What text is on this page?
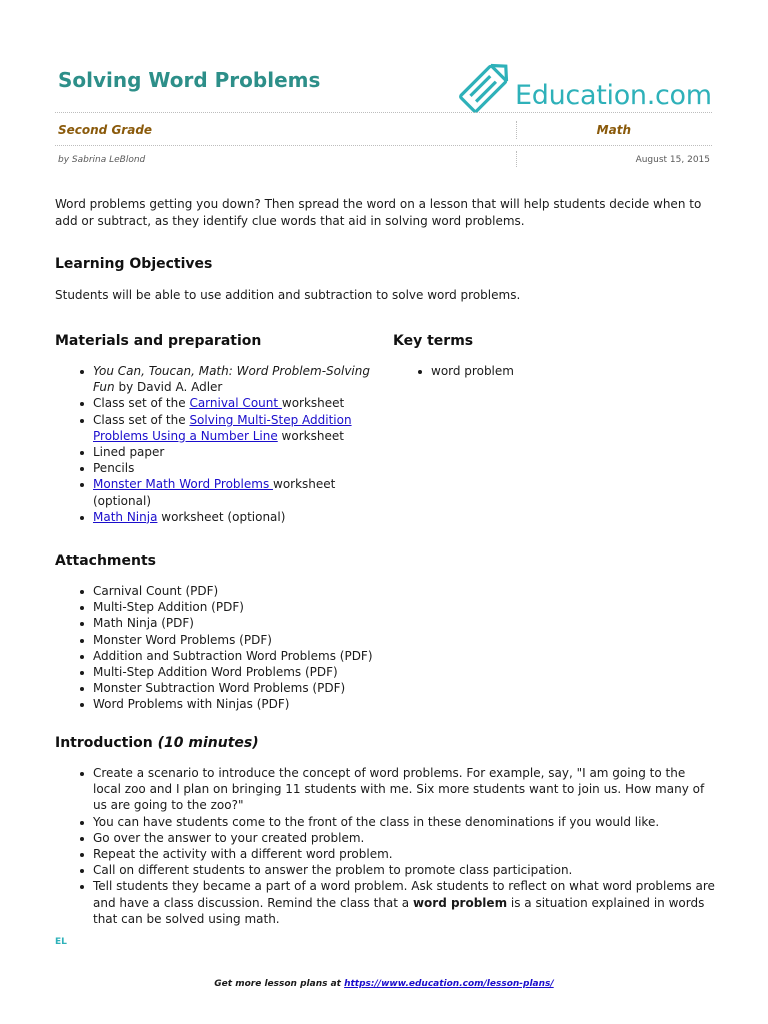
Solving Word Problems	Education.com
Second Grade	Math
by Sabrina LeBlond	August 15, 2015
Word problems getting you down? Then spread the word on a lesson that will help students decide when to add or subtract, as they identify clue words that aid in solving word problems.
Learning Objectives
Students will be able to use addition and subtraction to solve word problems.
Materials and preparation
You Can, Toucan, Math: Word Problem-Solving Fun by David A. Adler
Class set of the Carnival Count worksheet
Class set of the Solving Multi-Step Addition Problems Using a Number Line worksheet
Lined paper
Pencils
Monster Math Word Problems worksheet (optional)
Math Ninja worksheet (optional)
Key terms
word problem
Attachments
Carnival Count (PDF)
Multi-Step Addition (PDF)
Math Ninja (PDF)
Monster Word Problems (PDF)
Addition and Subtraction Word Problems (PDF)
Multi-Step Addition Word Problems (PDF)
Monster Subtraction Word Problems (PDF)
Word Problems with Ninjas (PDF)
Introduction (10 minutes)
Create a scenario to introduce the concept of word problems. For example, say, "I am going to the local zoo and I plan on bringing 11 students with me. Six more students want to join us. How many of us are going to the zoo?"
You can have students come to the front of the class in these denominations if you would like.
Go over the answer to your created problem.
Repeat the activity with a different word problem.
Call on different students to answer the problem to promote class participation.
Tell students they became a part of a word problem. Ask students to reflect on what word problems are and have a class discussion. Remind the class that a word problem is a situation explained in words that can be solved using math.
EL
Get more lesson plans at https://www.education.com/lesson-plans/
